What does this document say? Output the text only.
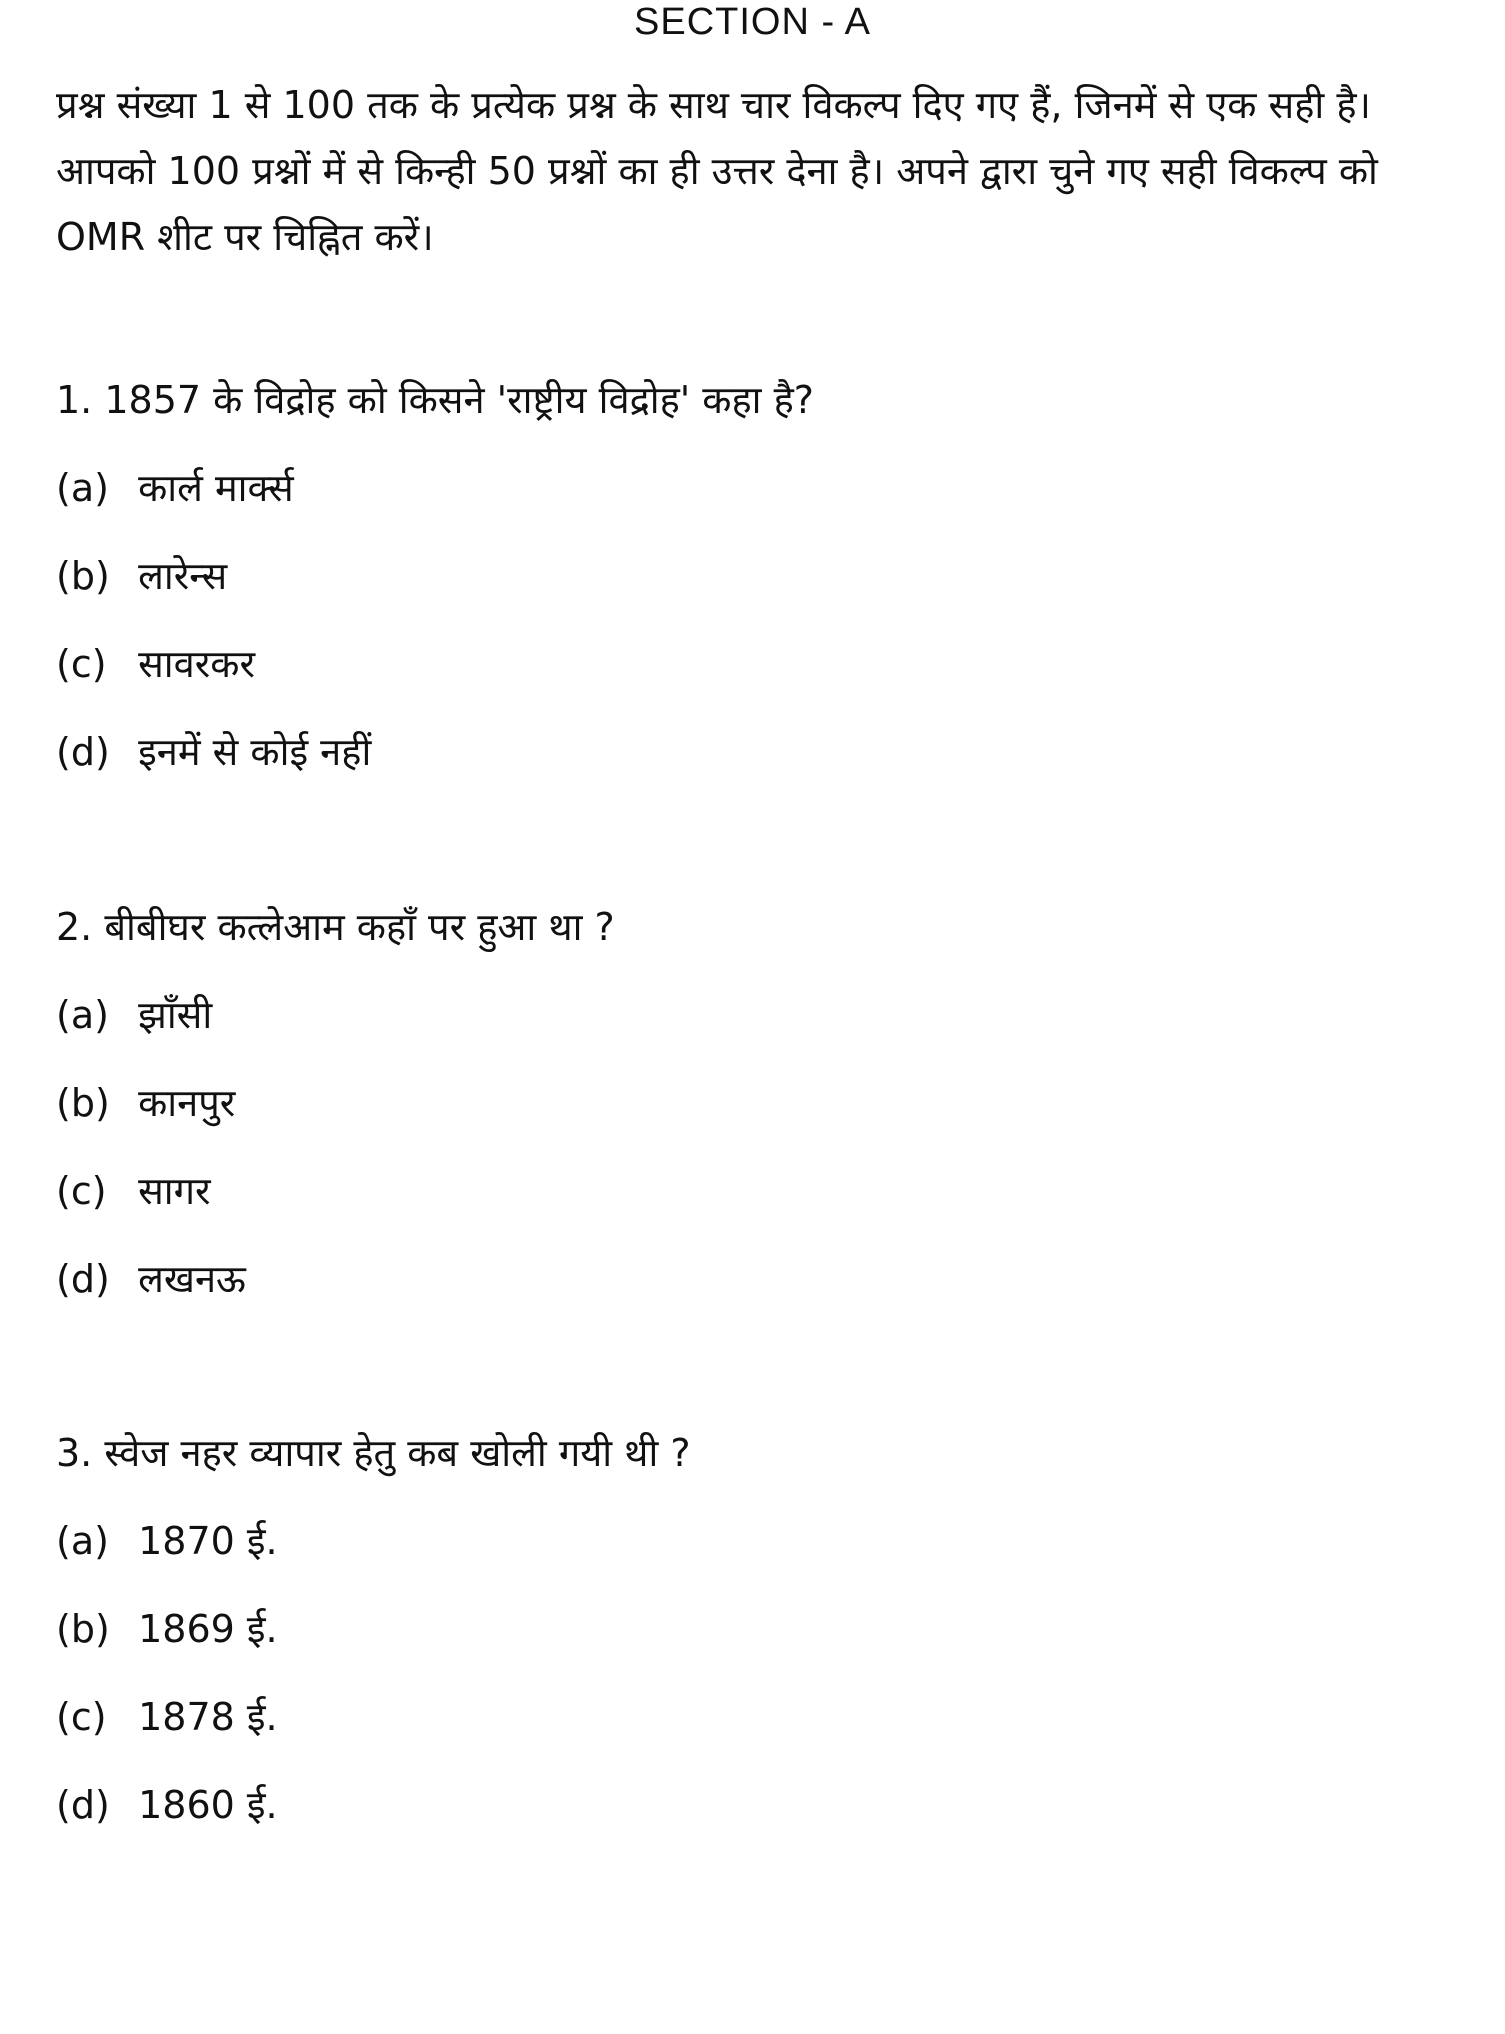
SECTION - A
प्रश्न संख्या 1 से 100 तक के प्रत्येक प्रश्न के साथ चार विकल्प दिए गए हैं, जिनमें से एक सही है। आपको 100 प्रश्नों में से किन्ही 50 प्रश्नों का ही उत्तर देना है। अपने द्वारा चुने गए सही विकल्प को OMR शीट पर चिह्नित करें।
1. 1857 के विद्रोह को किसने 'राष्ट्रीय विद्रोह' कहा है?
(a) कार्ल मार्क्स
(b) लारेन्स
(c) सावरकर
(d) इनमें से कोई नहीं
2. बीबीघर कत्लेआम कहाँ पर हुआ था ?
(a) झाँसी
(b) कानपुर
(c) सागर
(d) लखनऊ
3. स्वेज नहर व्यापार हेतु कब खोली गयी थी ?
(a) 1870 ई.
(b) 1869 ई.
(c) 1878 ई.
(d) 1860 ई.
